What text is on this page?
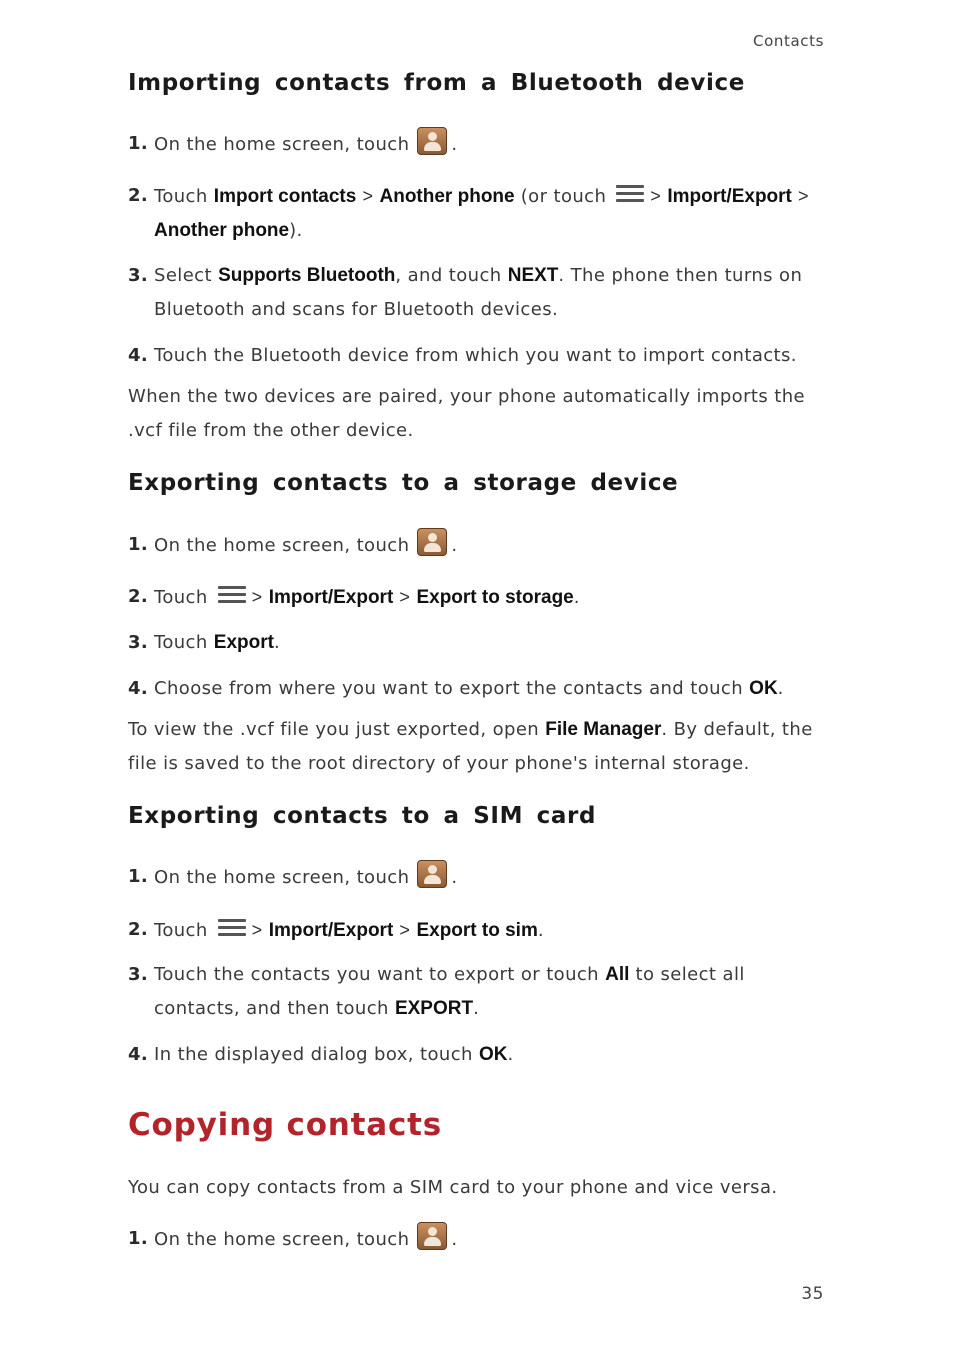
Contacts
Importing contacts from a Bluetooth device
1. On the home screen, touch .
2. Touch Import contacts > Another phone (or touch > Import/Export > Another phone).
3. Select Supports Bluetooth, and touch NEXT. The phone then turns on Bluetooth and scans for Bluetooth devices.
4. Touch the Bluetooth device from which you want to import contacts.
When the two devices are paired, your phone automatically imports the .vcf file from the other device.
Exporting contacts to a storage device
1. On the home screen, touch .
2. Touch > Import/Export > Export to storage.
3. Touch Export.
4. Choose from where you want to export the contacts and touch OK.
To view the .vcf file you just exported, open File Manager. By default, the file is saved to the root directory of your phone's internal storage.
Exporting contacts to a SIM card
1. On the home screen, touch .
2. Touch > Import/Export > Export to sim.
3. Touch the contacts you want to export or touch All to select all contacts, and then touch EXPORT.
4. In the displayed dialog box, touch OK.
Copying contacts
You can copy contacts from a SIM card to your phone and vice versa.
1. On the home screen, touch .
35
